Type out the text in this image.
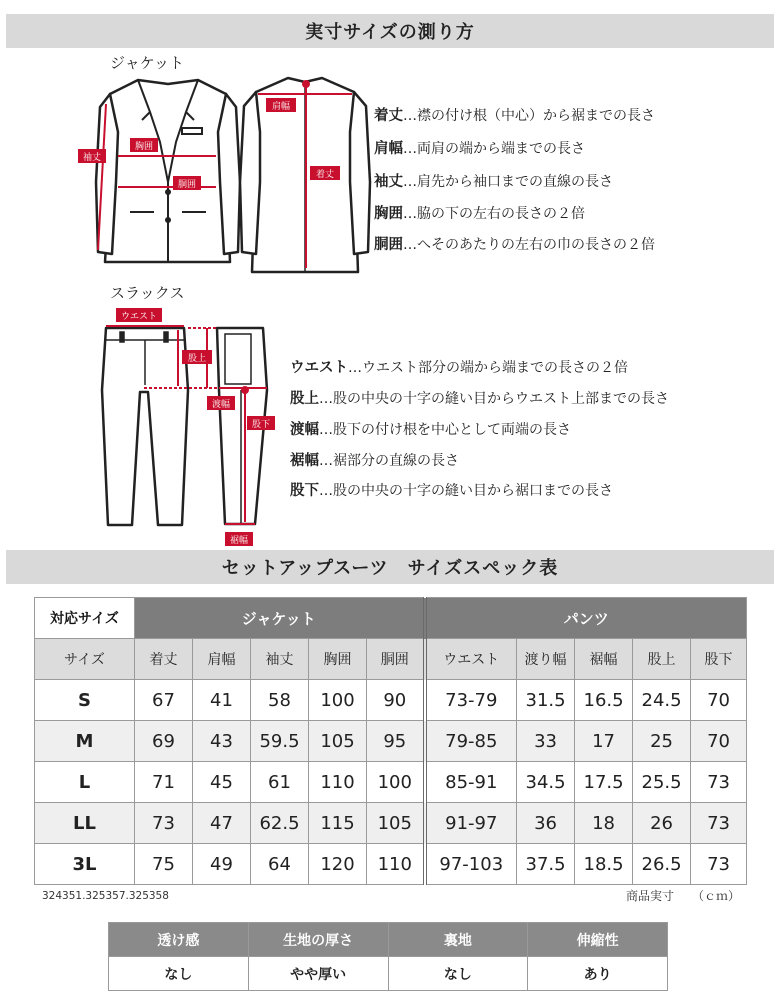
実寸サイズの測り方
ジャケット
胸囲
胴囲
袖丈
肩幅
着丈
着丈…襟の付け根（中心）から裾までの長さ
肩幅…両肩の端から端までの長さ
袖丈…肩先から袖口までの直線の長さ
胸囲…脇の下の左右の長さの２倍
胴囲…へそのあたりの左右の巾の長さの２倍
スラックス
ウエスト
股上
渡幅
股下
裾幅
ウエスト…ウエスト部分の端から端までの長さの２倍
股上…股の中央の十字の縫い目からウエスト上部までの長さ
渡幅…股下の付け根を中心として両端の長さ
裾幅…裾部分の直線の長さ
股下…股の中央の十字の縫い目から裾口までの長さ
セットアップスーツ　サイズスペック表
対応サイズ	ジャケット					パンツ				
サイズ	着丈	肩幅	袖丈	胸囲	胴囲	ウエスト	渡り幅	裾幅	股上	股下
S	67	41	58	100	90	73-79	31.5	16.5	24.5	70
M	69	43	59.5	105	95	79-85	33	17	25	70
L	71	45	61	110	100	85-91	34.5	17.5	25.5	73
LL	73	47	62.5	115	105	91-97	36	18	26	73
3L	75	49	64	120	110	97-103	37.5	18.5	26.5	73
324351.325357.325358	商品実寸　　（ｃｍ）
透け感	生地の厚さ	裏地	伸縮性
なし	やや厚い	なし	あり
